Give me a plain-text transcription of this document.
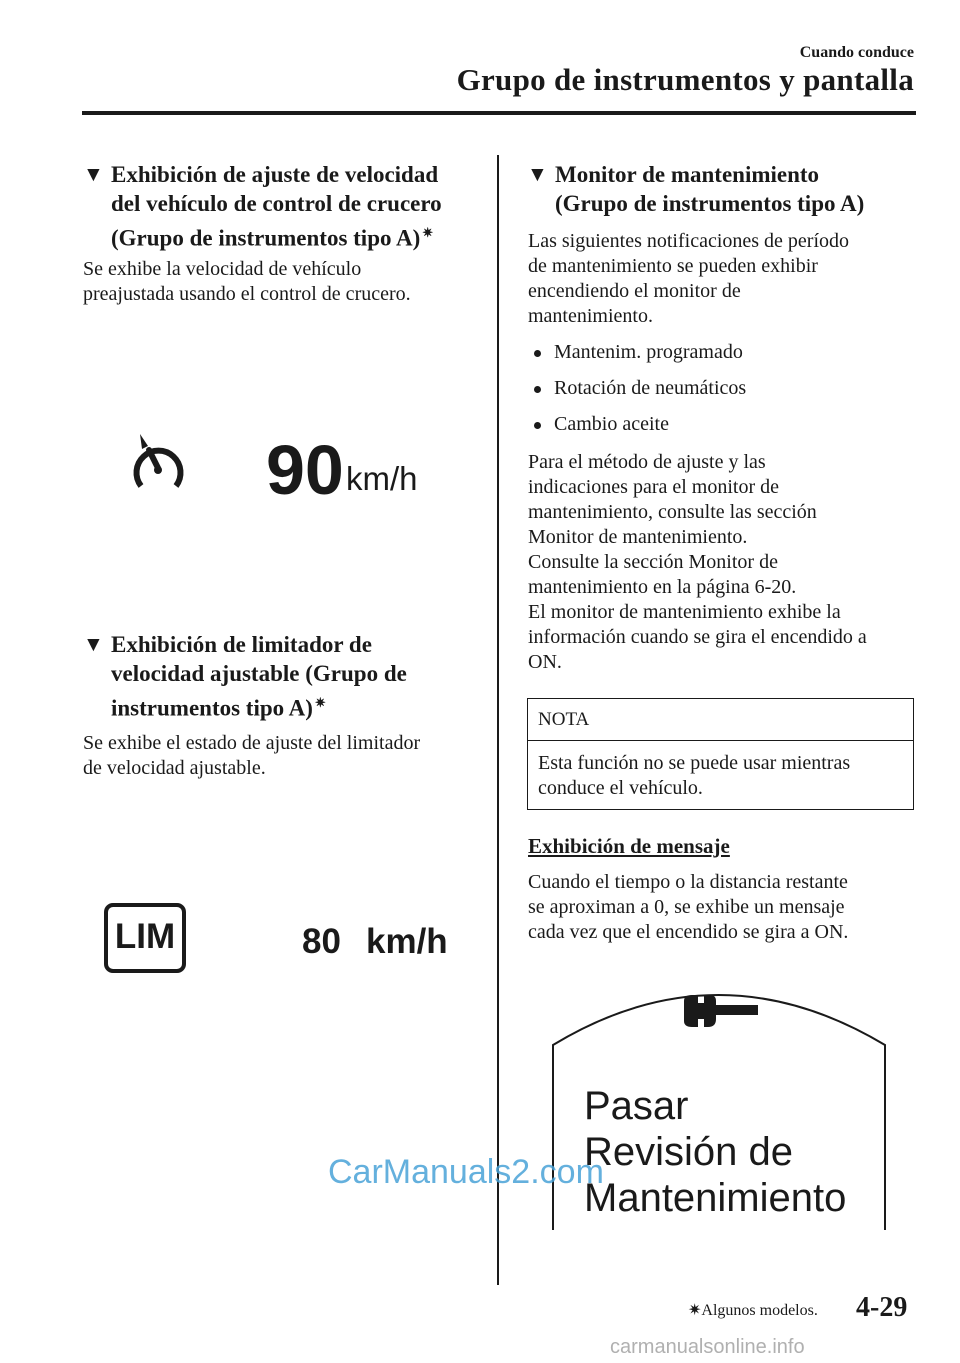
Cuando conduce
Grupo de instrumentos y pantalla
▼ Exhibición de ajuste de velocidad
del vehículo de control de crucero
(Grupo de instrumentos tipo A) ✷
Se exhibe la velocidad de vehículo
preajustada usando el control de crucero.
90 km/h
▼ Exhibición de limitador de
velocidad ajustable (Grupo de
instrumentos tipo A) ✷
Se exhibe el estado de ajuste del limitador
de velocidad ajustable.
LIM	80 km/h
▼ Monitor de mantenimiento
(Grupo de instrumentos tipo A)
Las siguientes notificaciones de período
de mantenimiento se pueden exhibir
encendiendo el monitor de
mantenimiento.
Mantenim. programado
Rotación de neumáticos
Cambio aceite
Para el método de ajuste y las
indicaciones para el monitor de
mantenimiento, consulte las sección
Monitor de mantenimiento.
Consulte la sección Monitor de
mantenimiento en la página 6-20.
El monitor de mantenimiento exhibe la
información cuando se gira el encendido a
ON.
NOTA
Esta función no se puede usar mientras
conduce el vehículo.
Exhibición de mensaje
Cuando el tiempo o la distancia restante
se aproximan a 0, se exhibe un mensaje
cada vez que el encendido se gira a ON.
Pasar
Revisión de
Mantenimiento
CarManuals2.com
✷Algunos modelos. 4-29
carmanualsonline.info
